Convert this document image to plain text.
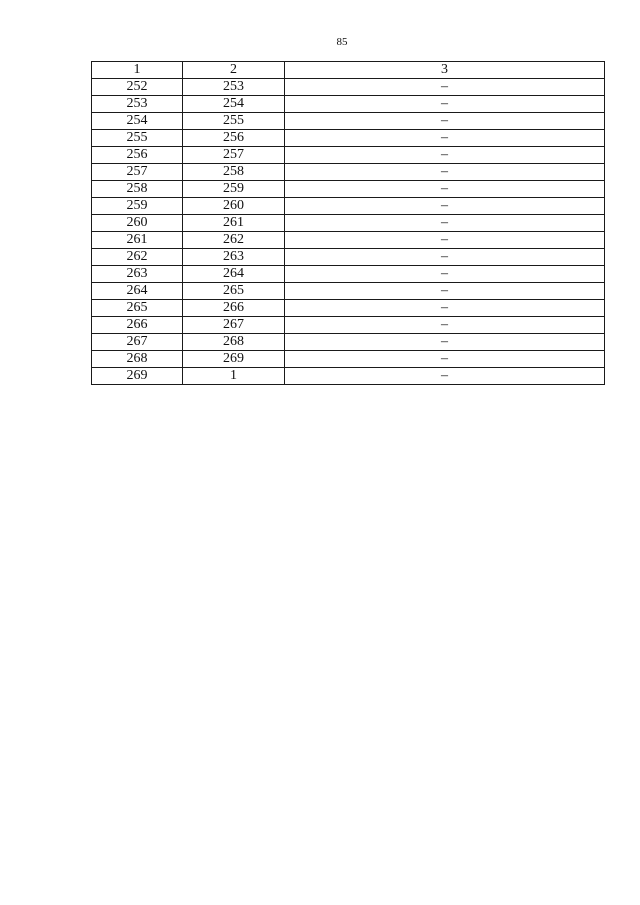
85
1	2	3
252	253	–
253	254	–
254	255	–
255	256	–
256	257	–
257	258	–
258	259	–
259	260	–
260	261	–
261	262	–
262	263	–
263	264	–
264	265	–
265	266	–
266	267	–
267	268	–
268	269	–
269	1	–
